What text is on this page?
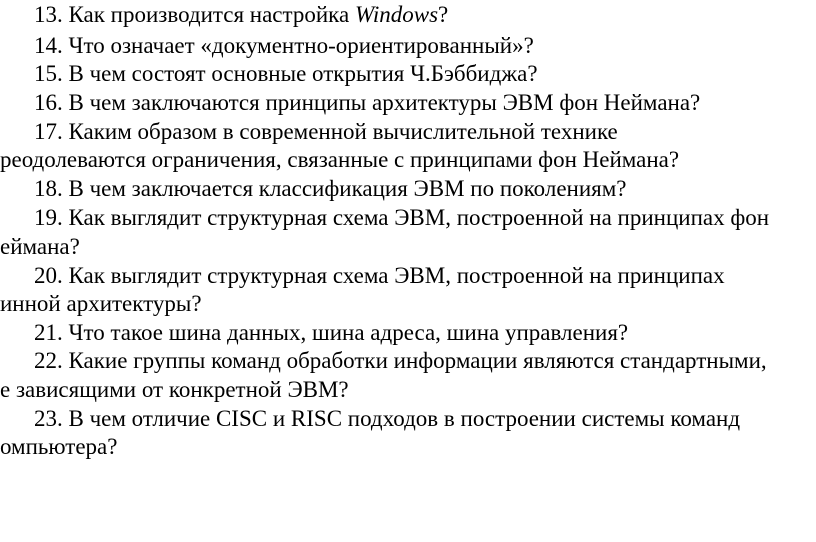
13. Как производится настройка Windows?
14. Что означает «документно-ориентированный»?
15. В чем состоят основные открытия Ч.Бэббиджа?
16. В чем заключаются принципы архитектуры ЭВМ фон Неймана?
17. Каким образом в современной вычислительной технике
реодолеваются ограничения, связанные с принципами фон Неймана?
18. В чем заключается классификация ЭВМ по поколениям?
19. Как выглядит структурная схема ЭВМ, построенной на принципах фон
еймана?
20. Как выглядит структурная схема ЭВМ, построенной на принципах
инной архитектуры?
21. Что такое шина данных, шина адреса, шина управления?
22. Какие группы команд обработки информации являются стандартными,
е зависящими от конкретной ЭВМ?
23. В чем отличие CISC и RISC подходов в построении системы команд
омпьютера?
